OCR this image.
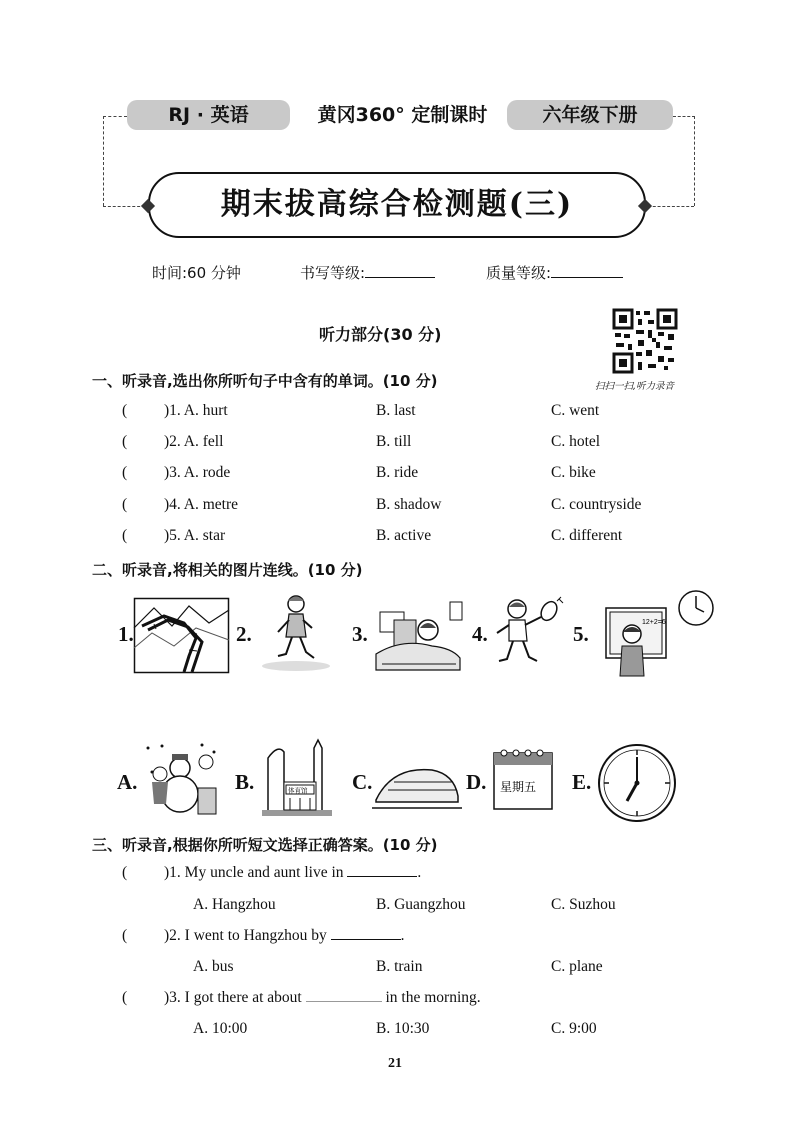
RJ · 英语	黄冈360° 定制课时	六年级下册
期末拔高综合检测题(三)
时间:60 分钟	书写等级:	质量等级:
听力部分(30 分)
扫扫一扫,听力录音
一、听录音,选出你所听句子中含有的单词。(10 分)
( )1. A. hurt	B. last	C. went
( )2. A. fell	B. till	C. hotel
( )3. A. rode	B. ride	C. bike
( )4. A. metre	B. shadow	C. countryside
( )5. A. star	B. active	C. different
二、听录音,将相关的图片连线。(10 分)
1.	2.	3.	4.	5.	12+2=6
A.	B.	C.	D.	E.
体育馆	星期五
三、听录音,根据你所听短文选择正确答案。(10 分)
( )1. My uncle and aunt live in	.
A. Hangzhou	B. Guangzhou	C. Suzhou
( )2. I went to Hangzhou by	.
A. bus	B. train	C. plane
( )3. I got there at about	in the morning.
A. 10:00	B. 10:30	C. 9:00
21
